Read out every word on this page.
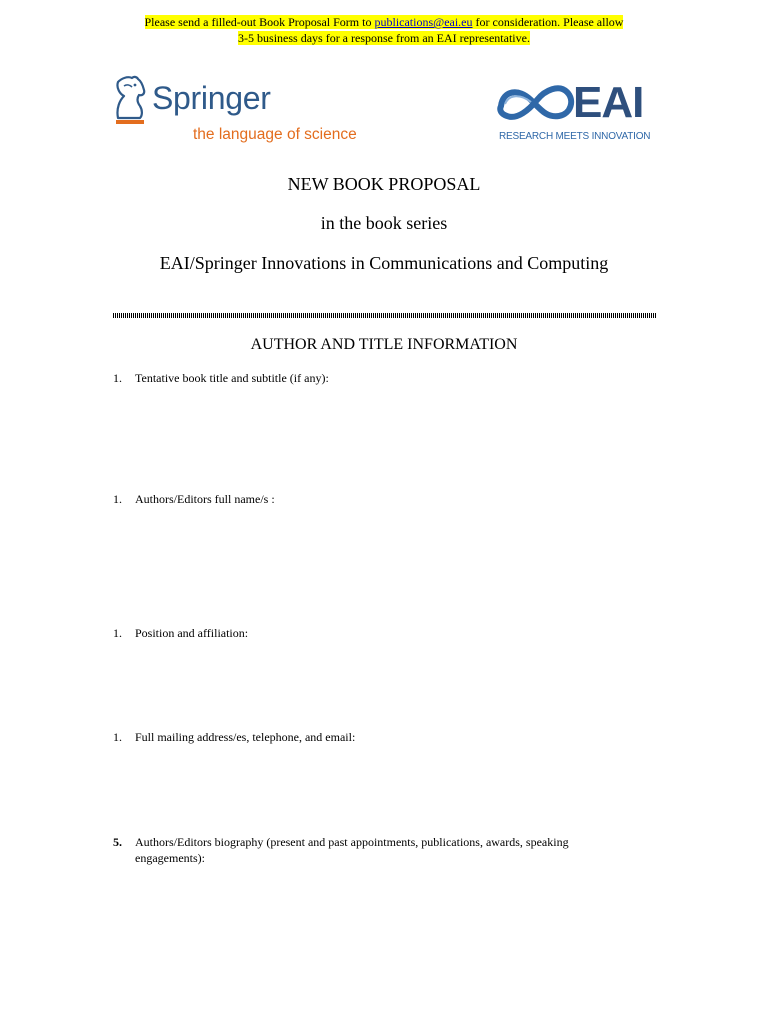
Please send a filled-out Book Proposal Form to publications@eai.eu for consideration. Please allow
3-5 business days for a response from an EAI representative.
Springer
the language of science
EAI
RESEARCH MEETS INNOVATION
NEW BOOK PROPOSAL
in the book series
EAI/Springer Innovations in Communications and Computing
AUTHOR AND TITLE INFORMATION
1. Tentative book title and subtitle (if any):
1. Authors/Editors full name/s :
1. Position and affiliation:
1. Full mailing address/es, telephone, and email:
5. Authors/Editors biography (present and past appointments, publications, awards, speaking engagements):
